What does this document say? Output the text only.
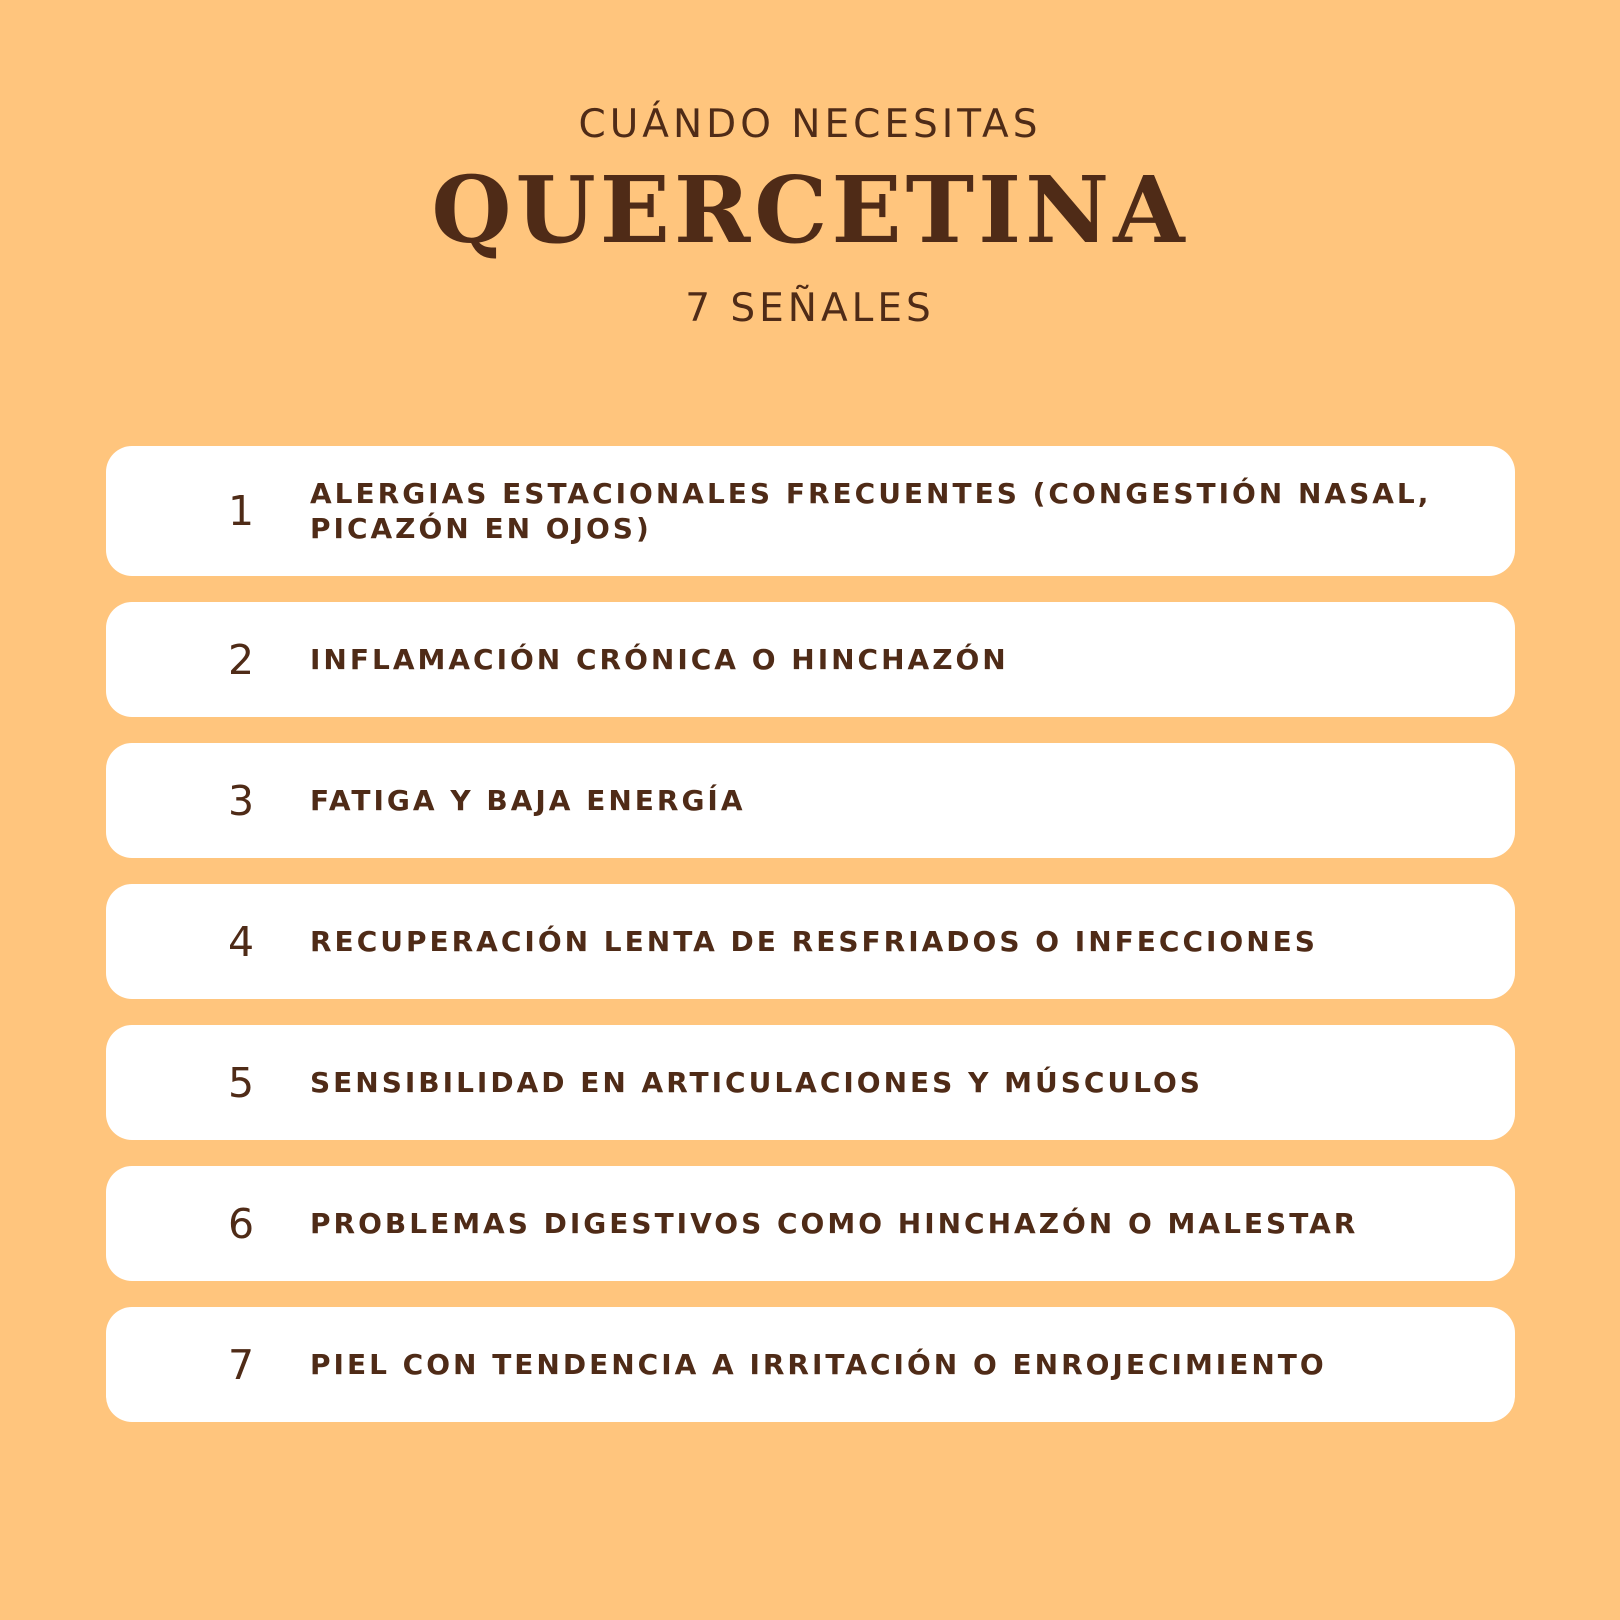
CUÁNDO NECESITAS
QUERCETINA
7 SEÑALES
1	ALERGIAS ESTACIONALES FRECUENTES (CONGESTIÓN NASAL, PICAZÓN EN OJOS)
2	INFLAMACIÓN CRÓNICA O HINCHAZÓN
3	FATIGA Y BAJA ENERGÍA
4	RECUPERACIÓN LENTA DE RESFRIADOS O INFECCIONES
5	SENSIBILIDAD EN ARTICULACIONES Y MÚSCULOS
6	PROBLEMAS DIGESTIVOS COMO HINCHAZÓN O MALESTAR
7	PIEL CON TENDENCIA A IRRITACIÓN O ENROJECIMIENTO
